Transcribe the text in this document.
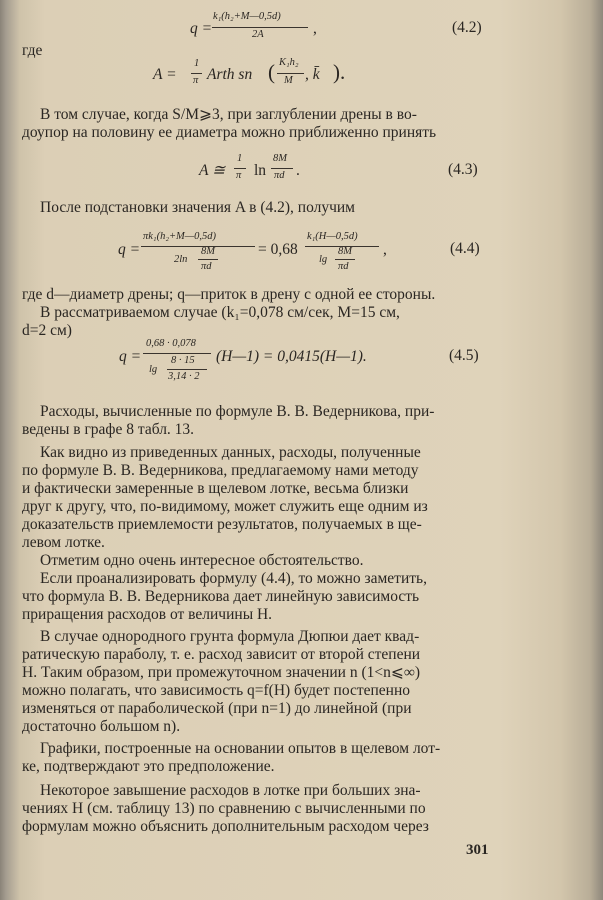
q =
k₁(h₂+M—0,5d)
2A	,	(4.2)
где
A =
1
π Arth sn ( K₁h₂
M , k̄ ).
В том случае, когда S/M⩾3, при заглублении дрены в во-
доупор на половину ее диаметра можно приближенно принять
A ≅
1
π ln
8M
πd .	(4.3)
После подстановки значения A в (4.2), получим
q =
πk₁(h₂+M—0,5d)
2ln
8M
πd
= 0,68
k₁(H—0,5d)
lg
8M
πd
,	(4.4)
где d—диаметр дрены; q—приток в дрену с одной ее стороны.
В рассматриваемом случае (k₁=0,078 см/сек, M=15 см,
d=2 см)
q =
0,68 · 0,078
lg
8 · 15
3,14 · 2
(H—1) = 0,0415(H—1).	(4.5)
Расходы, вычисленные по формуле В. В. Ведерникова, при-
ведены в графе 8 табл. 13.
Как видно из приведенных данных, расходы, полученные
по формуле В. В. Ведерникова, предлагаемому нами методу
и фактически замеренные в щелевом лотке, весьма близки
друг к другу, что, по-видимому, может служить еще одним из
доказательств приемлемости результатов, получаемых в ще-
левом лотке.
Отметим одно очень интересное обстоятельство.
Если проанализировать формулу (4.4), то можно заметить,
что формула В. В. Ведерникова дает линейную зависимость
приращения расходов от величины H.
В случае однородного грунта формула Дюпюи дает квад-
ратическую параболу, т. е. расход зависит от второй степени
H. Таким образом, при промежуточном значении n (1<n⩽∞)
можно полагать, что зависимость q=f(H) будет постепенно
изменяться от параболической (при n=1) до линейной (при
достаточно большом n).
Графики, построенные на основании опытов в щелевом лот-
ке, подтверждают это предположение.
Некоторое завышение расходов в лотке при больших зна-
чениях H (см. таблицу 13) по сравнению с вычисленными по
формулам можно объяснить дополнительным расходом через
301
